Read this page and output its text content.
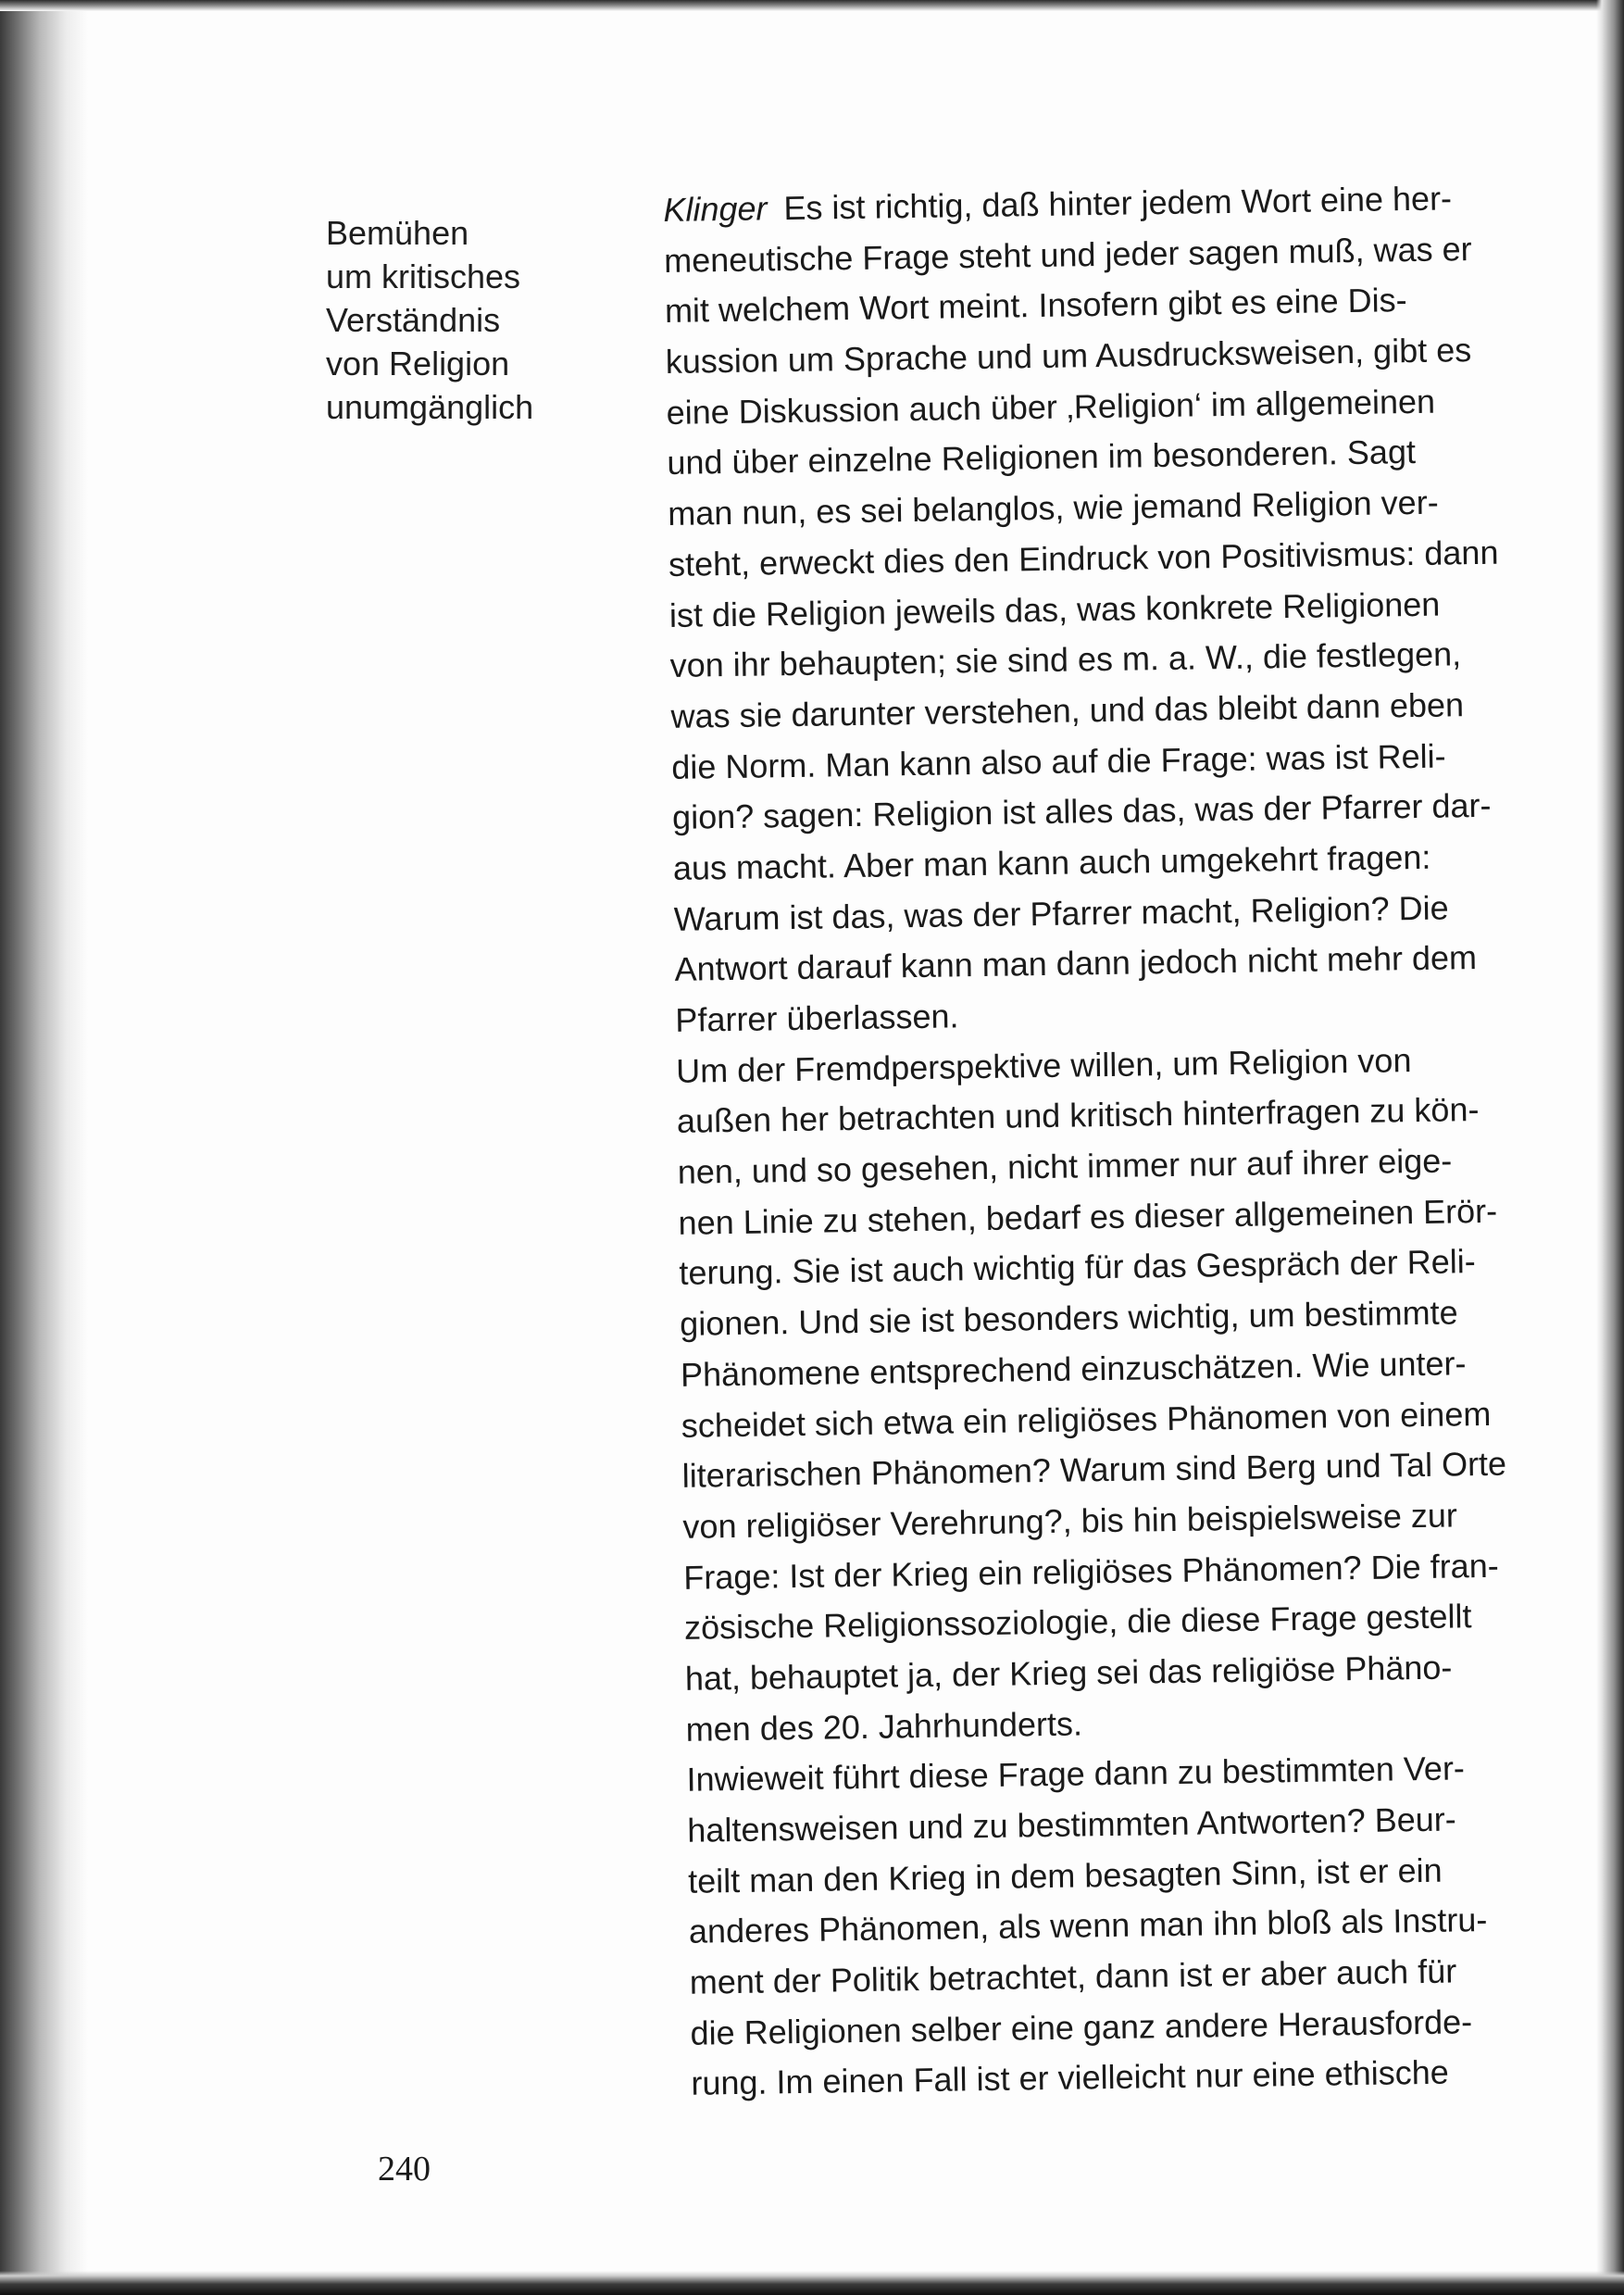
Bemühen
um kritisches
Verständnis
von Religion
unumgänglich
Klinger Es ist richtig, daß hinter jedem Wort eine her-
meneutische Frage steht und jeder sagen muß, was er
mit welchem Wort meint. Insofern gibt es eine Dis-
kussion um Sprache und um Ausdrucksweisen, gibt es
eine Diskussion auch über ‚Religion‘ im allgemeinen
und über einzelne Religionen im besonderen. Sagt
man nun, es sei belanglos, wie jemand Religion ver-
steht, erweckt dies den Eindruck von Positivismus: dann
ist die Religion jeweils das, was konkrete Religionen
von ihr behaupten; sie sind es m. a. W., die festlegen,
was sie darunter verstehen, und das bleibt dann eben
die Norm. Man kann also auf die Frage: was ist Reli-
gion? sagen: Religion ist alles das, was der Pfarrer dar-
aus macht. Aber man kann auch umgekehrt fragen:
Warum ist das, was der Pfarrer macht, Religion? Die
Antwort darauf kann man dann jedoch nicht mehr dem
Pfarrer überlassen.
Um der Fremdperspektive willen, um Religion von
außen her betrachten und kritisch hinterfragen zu kön-
nen, und so gesehen, nicht immer nur auf ihrer eige-
nen Linie zu stehen, bedarf es dieser allgemeinen Erör-
terung. Sie ist auch wichtig für das Gespräch der Reli-
gionen. Und sie ist besonders wichtig, um bestimmte
Phänomene entsprechend einzuschätzen. Wie unter-
scheidet sich etwa ein religiöses Phänomen von einem
literarischen Phänomen? Warum sind Berg und Tal Orte
von religiöser Verehrung?, bis hin beispielsweise zur
Frage: Ist der Krieg ein religiöses Phänomen? Die fran-
zösische Religionssoziologie, die diese Frage gestellt
hat, behauptet ja, der Krieg sei das religiöse Phäno-
men des 20. Jahrhunderts.
Inwieweit führt diese Frage dann zu bestimmten Ver-
haltensweisen und zu bestimmten Antworten? Beur-
teilt man den Krieg in dem besagten Sinn, ist er ein
anderes Phänomen, als wenn man ihn bloß als Instru-
ment der Politik betrachtet, dann ist er aber auch für
die Religionen selber eine ganz andere Herausforde-
rung. Im einen Fall ist er vielleicht nur eine ethische
240
